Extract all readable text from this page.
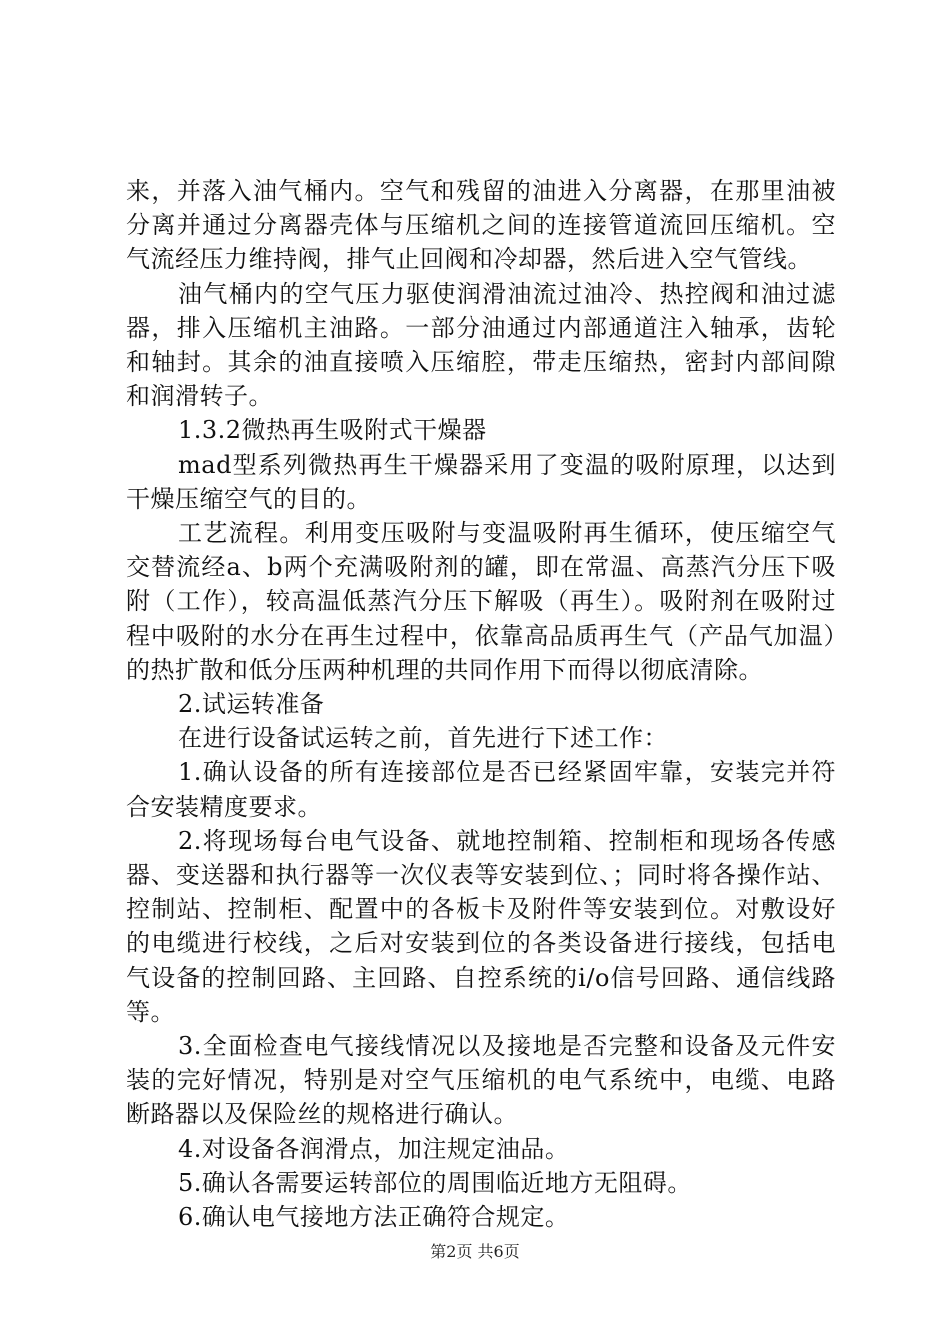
来，并落入油气桶内。空气和残留的油进入分离器，在那里油被分离并通过分离器壳体与压缩机之间的连接管道流回压缩机。空气流经压力维持阀，排气止回阀和冷却器，然后进入空气管线。

油气桶内的空气压力驱使润滑油流过油冷、热控阀和油过滤器，排入压缩机主油路。一部分油通过内部通道注入轴承，齿轮和轴封。其余的油直接喷入压缩腔，带走压缩热，密封内部间隙和润滑转子。

1.3.2微热再生吸附式干燥器

mad型系列微热再生干燥器采用了变温的吸附原理，以达到干燥压缩空气的目的。

工艺流程。利用变压吸附与变温吸附再生循环，使压缩空气交替流经a、b两个充满吸附剂的罐，即在常温、高蒸汽分压下吸附（工作），较高温低蒸汽分压下解吸（再生）。吸附剂在吸附过程中吸附的水分在再生过程中，依靠高品质再生气（产品气加温）的热扩散和低分压两种机理的共同作用下而得以彻底清除。

2.试运转准备

在进行设备试运转之前，首先进行下述工作：

1.确认设备的所有连接部位是否已经紧固牢靠，安装完并符合安装精度要求。

2.将现场每台电气设备、就地控制箱、控制柜和现场各传感器、变送器和执行器等一次仪表等安装到位、；同时将各操作站、控制站、控制柜、配置中的各板卡及附件等安装到位。对敷设好的电缆进行校线，之后对安装到位的各类设备进行接线，包括电气设备的控制回路、主回路、自控系统的i/o信号回路、通信线路等。

3.全面检查电气接线情况以及接地是否完整和设备及元件安装的完好情况，特别是对空气压缩机的电气系统中，电缆、电路断路器以及保险丝的规格进行确认。

4.对设备各润滑点，加注规定油品。

5.确认各需要运转部位的周围临近地方无阻碍。

6.确认电气接地方法正确符合规定。

第2页 共6页
